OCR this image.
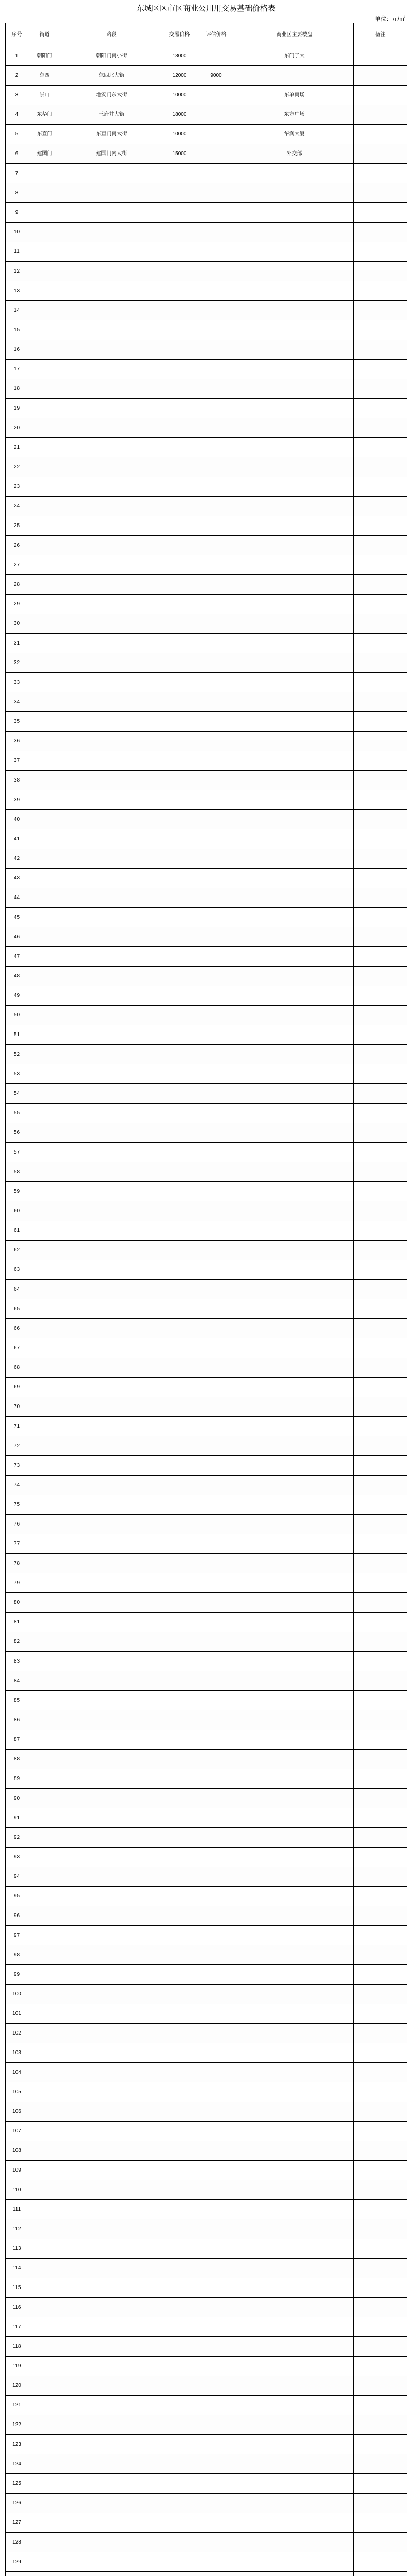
东城区区市区商业公用用交易基础价格表
单位：元/㎡
序号	街道	路段	交易价格	评估价格	商业区主要楼盘	备注
1	朝阳门	朝阳门南小街	13000		东门子大	
2	东四	东四北大街	12000	9000		
3	景山	地安门东大街	10000		东单商场	
4	东华门	王府井大街	18000		东方广场	
5	东直门	东直门南大街	10000		华润大厦	
6	建国门	建国门内大街	15000		外交部	
7						
8						
9						
10						
11						
12						
13						
14						
15						
16						
17						
18						
19						
20						
21						
22						
23						
24						
25						
26						
27						
28						
29						
30						
31						
32						
33						
34						
35						
36						
37						
38						
39						
40						
41						
42						
43						
44						
45						
46						
47						
48						
49						
50						
51						
52						
53						
54						
55						
56						
57						
58						
59						
60						
61						
62						
63						
64						
65						
66						
67						
68						
69						
70						
71						
72						
73						
74						
75						
76						
77						
78						
79						
80						
81						
82						
83						
84						
85						
86						
87						
88						
89						
90						
91						
92						
93						
94						
95						
96						
97						
98						
99						
100						
101						
102						
103						
104						
105						
106						
107						
108						
109						
110						
111						
112						
113						
114						
115						
116						
117						
118						
119						
120						
121						
122						
123						
124						
125						
126						
127						
128						
129						
